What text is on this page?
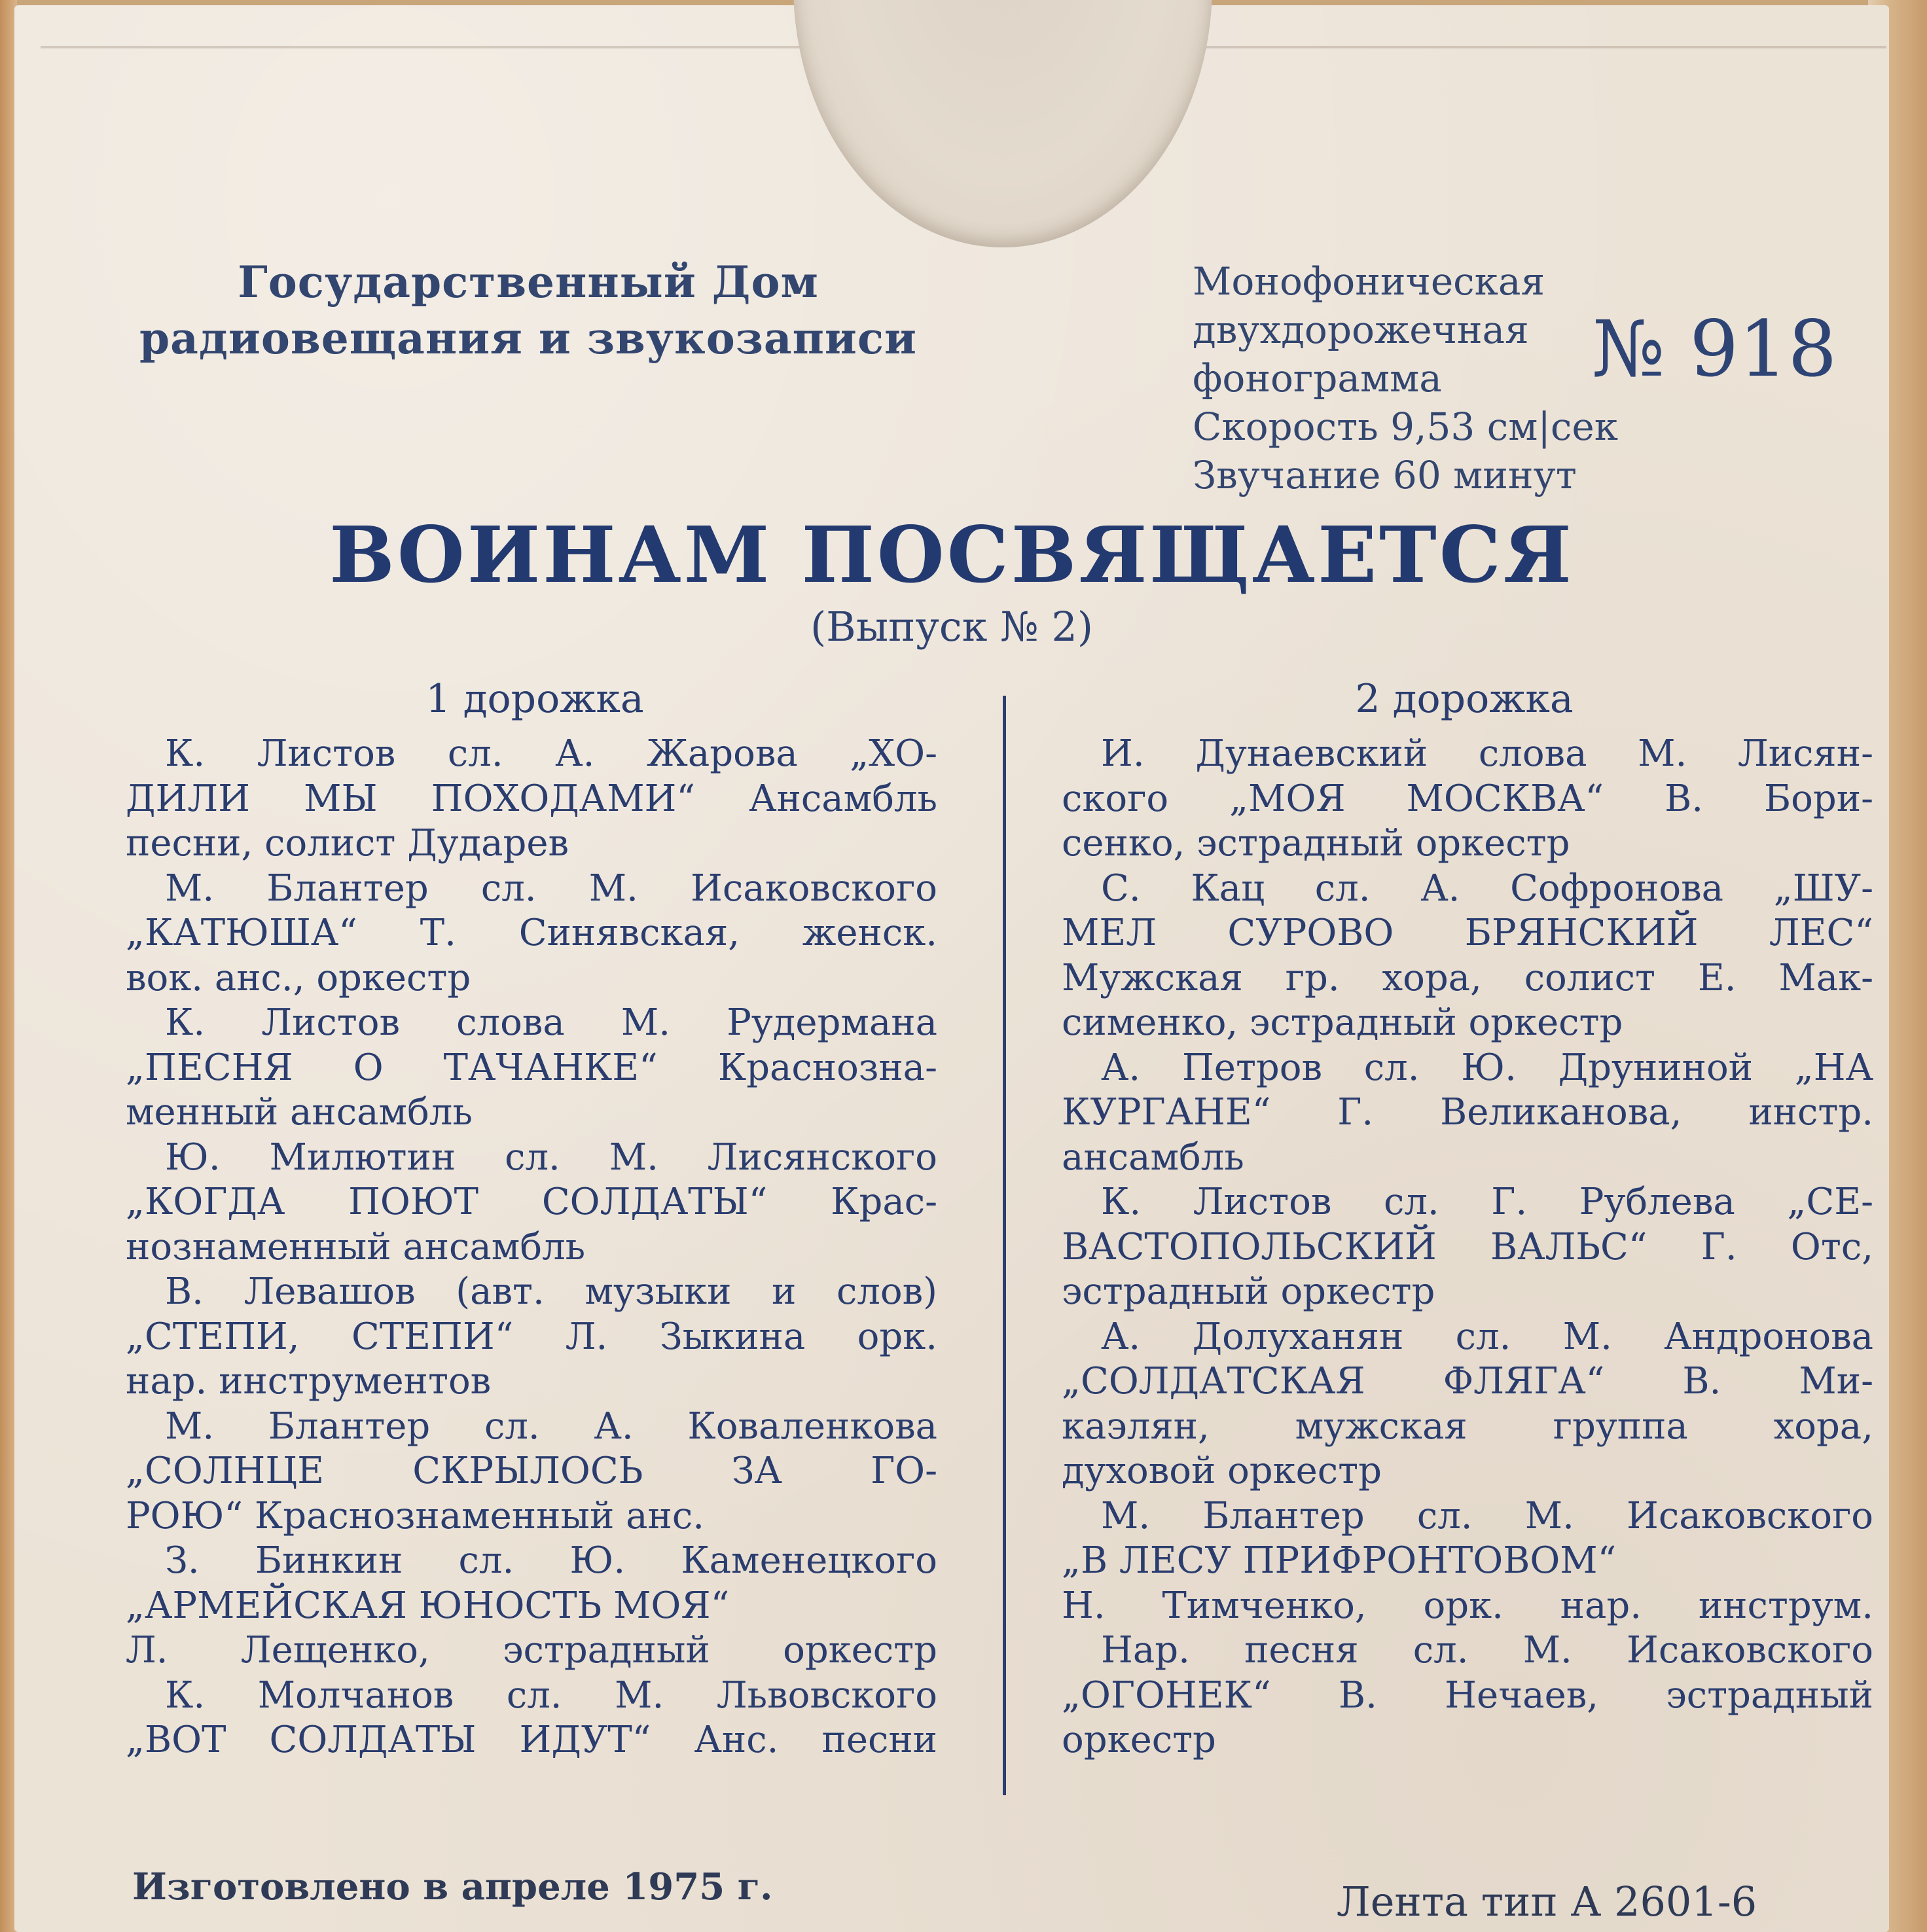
Государственный Дом
радиовещания и звукозаписи
Монофоническая
двухдорожечная
фонограмма
Скорость 9,53 см|сек
Звучание 60 минут
№ 918
ВОИНАМ ПОСВЯЩАЕТСЯ
(Выпуск № 2)
1 дорожка	2 дорожка
К. Листов сл. А. Жарова „ХО-
ДИЛИ МЫ ПОХОДАМИ“ Ансамбль
песни, солист Дударев
М. Блантер сл. М. Исаковского
„КАТЮША“ Т. Синявская, женск.
вок. анс., оркестр
К. Листов слова М. Рудермана
„ПЕСНЯ О ТАЧАНКЕ“ Краснозна-
менный ансамбль
Ю. Милютин сл. М. Лисянского
„КОГДА ПОЮТ СОЛДАТЫ“ Крас-
нознаменный ансамбль
В. Левашов (авт. музыки и слов)
„СТЕПИ, СТЕПИ“ Л. Зыкина орк.
нар. инструментов
М. Блантер сл. А. Коваленкова
„СОЛНЦЕ СКРЫЛОСЬ ЗА ГО-
РОЮ“ Краснознаменный анс.
З. Бинкин сл. Ю. Каменецкого
„АРМЕЙСКАЯ ЮНОСТЬ МОЯ“
Л. Лещенко, эстрадный оркестр
К. Молчанов сл. М. Львовского
„ВОТ СОЛДАТЫ ИДУТ“ Анс. песни
И. Дунаевский слова М. Лисян-
ского „МОЯ МОСКВА“ В. Бори-
сенко, эстрадный оркестр
С. Кац сл. А. Софронова „ШУ-
МЕЛ СУРОВО БРЯНСКИЙ ЛЕС“
Мужская гр. хора, солист Е. Мак-
сименко, эстрадный оркестр
А. Петров сл. Ю. Друниной „НА
КУРГАНЕ“ Г. Великанова, инстр.
ансамбль
К. Листов сл. Г. Рублева „СЕ-
ВАСТОПОЛЬСКИЙ ВАЛЬС“ Г. Отс,
эстрадный оркестр
А. Долуханян сл. М. Андронова
„СОЛДАТСКАЯ ФЛЯГА“ В. Ми-
каэлян, мужская группа хора,
духовой оркестр
М. Блантер сл. М. Исаковского
„В ЛЕСУ ПРИФРОНТОВОМ“
Н. Тимченко, орк. нар. инструм.
Нар. песня сл. М. Исаковского
„ОГОНЕК“ В. Нечаев, эстрадный
оркестр
Изготовлено в апреле 1975 г.	Лента тип А 2601-6
